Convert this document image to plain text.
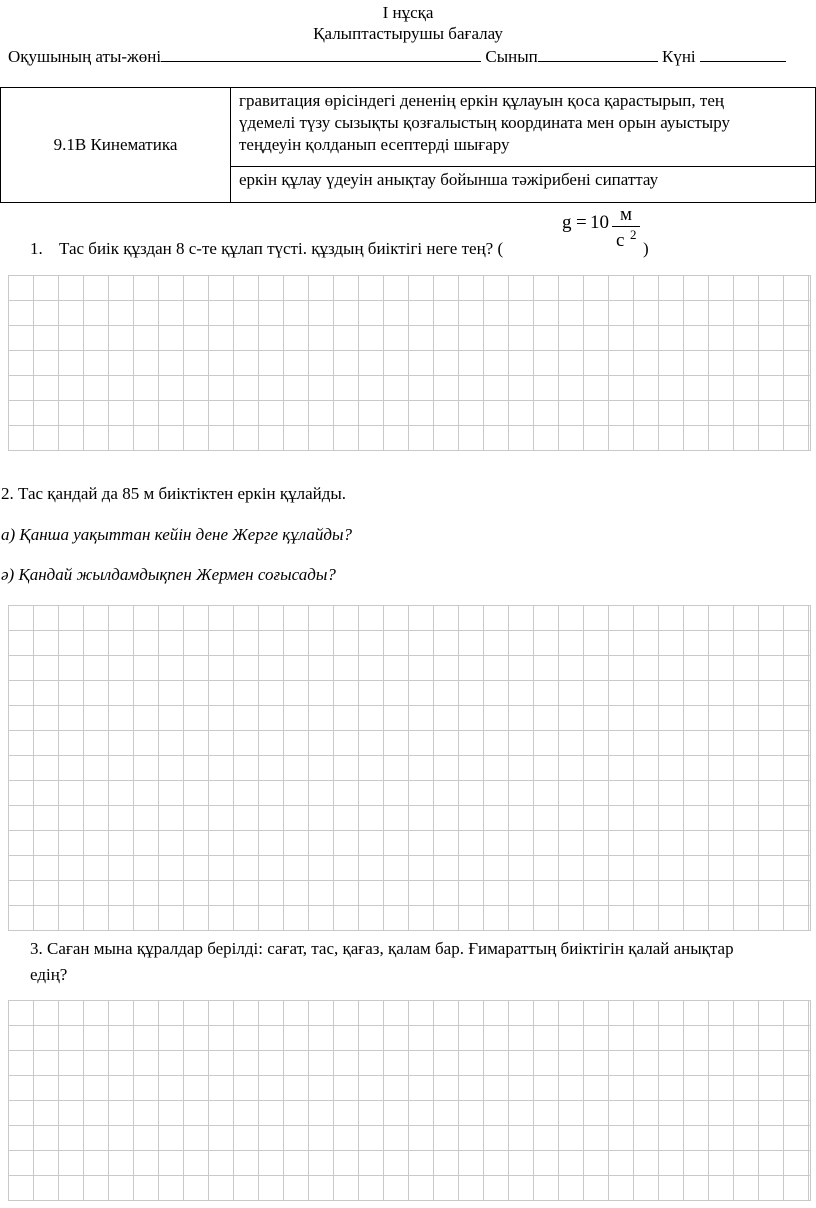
I нұсқа
Қалыптастырушы бағалау
Оқушының аты-жөні	Сынып	Күні
9.1В Кинематика	
гравитация өрісіндегі дененің еркін құлауын қоса қарастырып, тең
үдемелі түзу сызықты қозғалыстың координата мен орын ауыстыру
теңдеуін қолданып есептерді шығару

еркін құлау үдеуін анықтау бойынша тәжірибені сипаттау
1. Тас биік құздан 8 с-те құлап түсті. құздың биіктігі неге тең? (
g = 10 м
с 2
)
2. Тас қандай да 85 м биіктіктен еркін құлайды.
а) Қанша уақыттан кейін дене Жерге құлайды?
ә) Қандай жылдамдықпен Жермен соғысады?
3. Саған мына құралдар берілді: сағат, тас, қағаз, қалам бар. Ғимараттың биіктігін қалай анықтар
едің?
